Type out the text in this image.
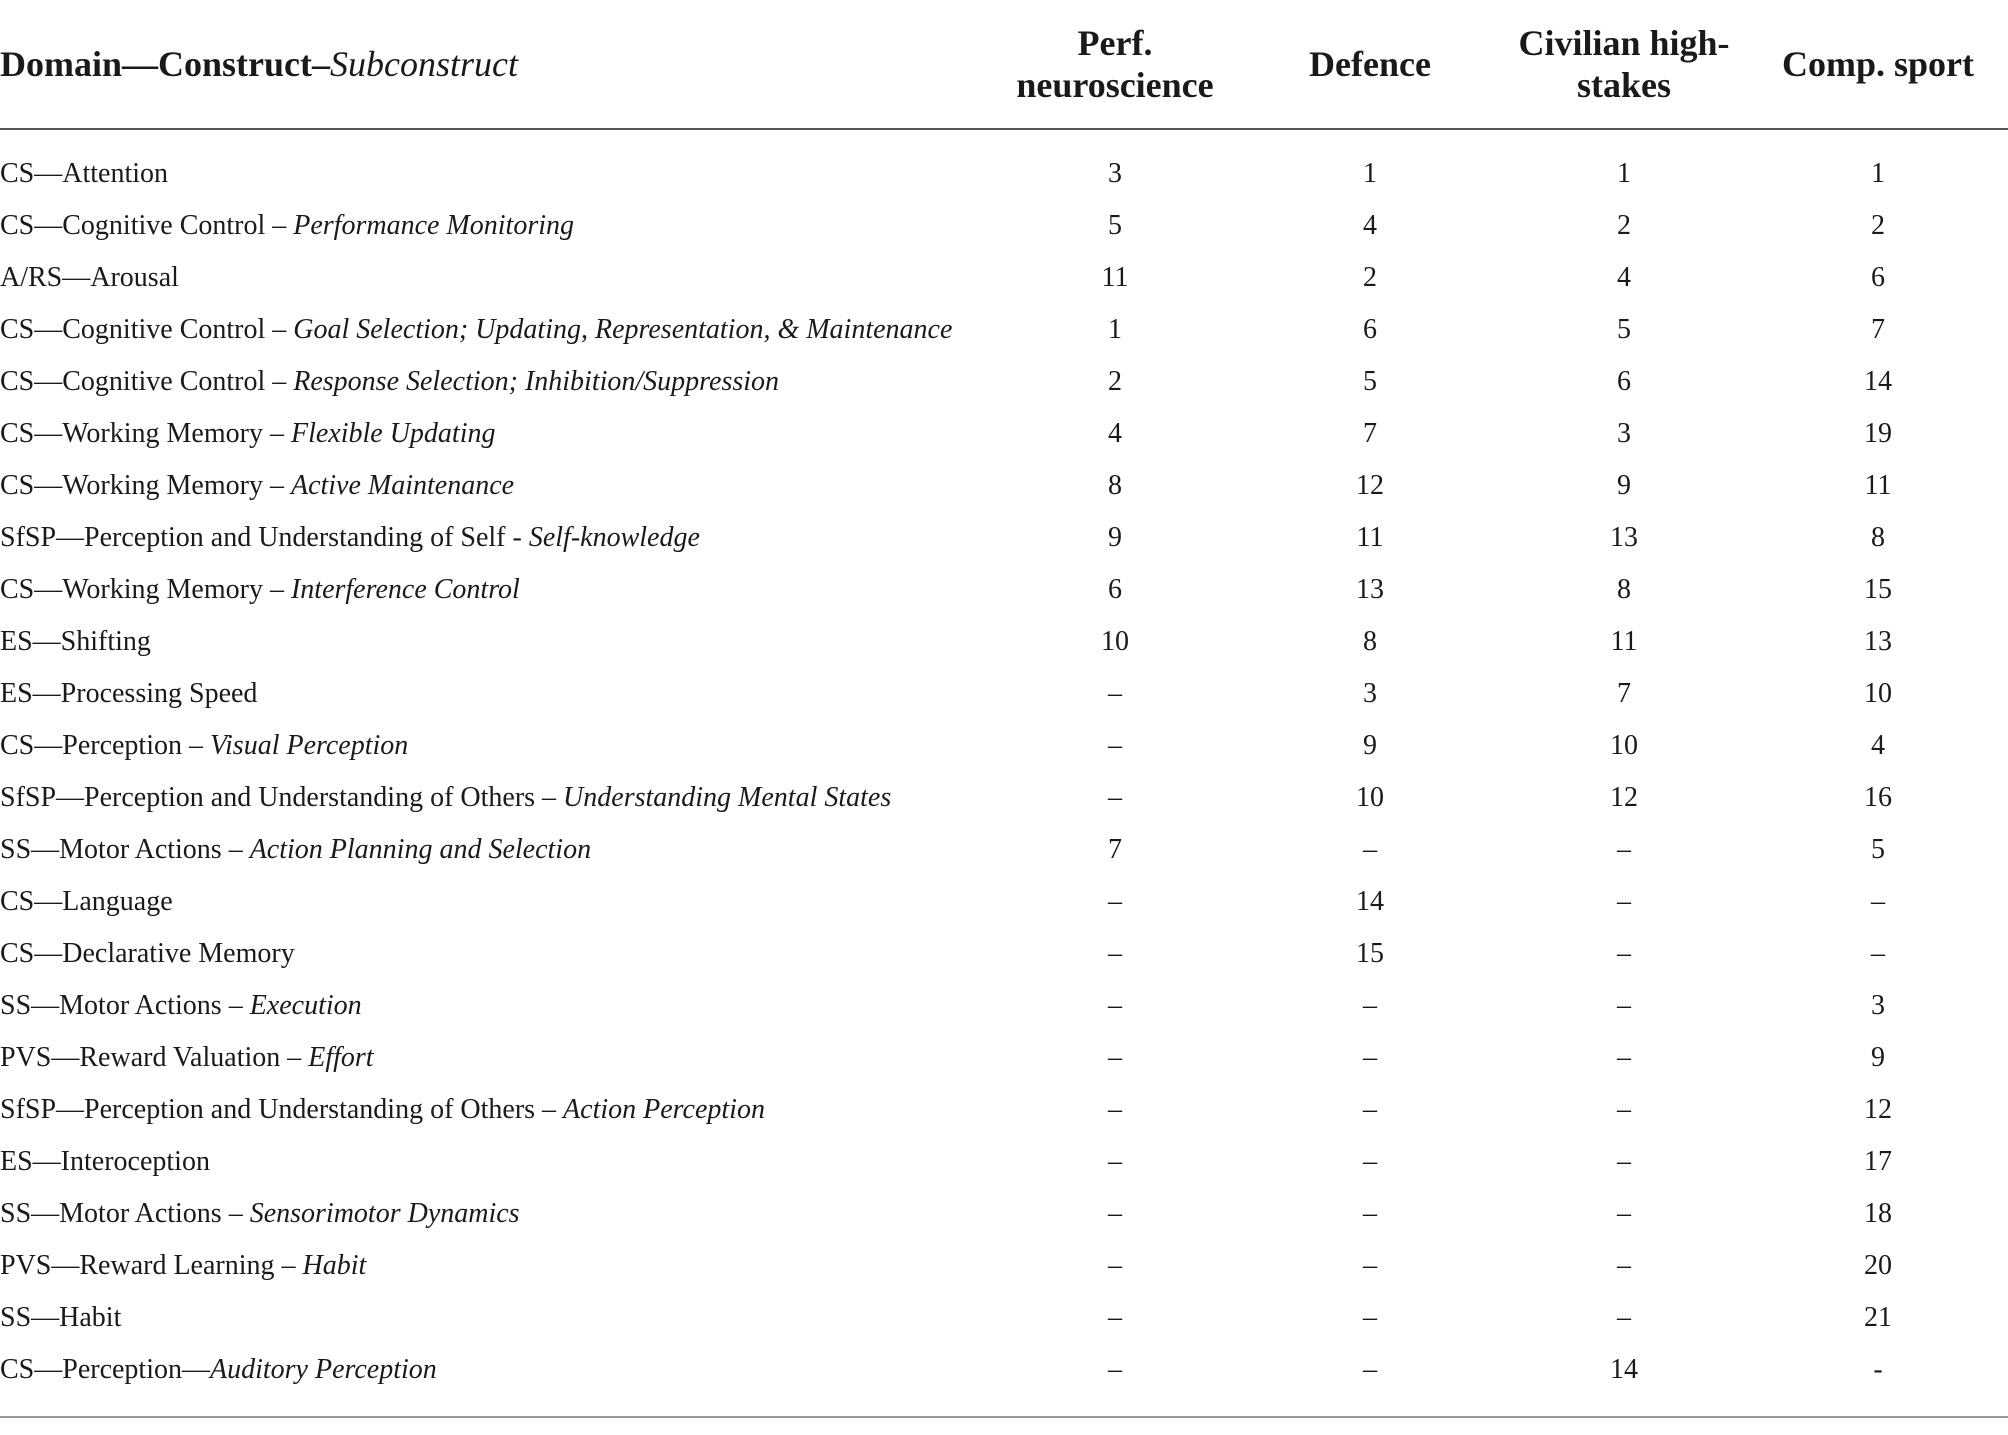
Domain—Construct–Subconstruct	Perf. neuroscience	Defence	Civilian high-stakes	Comp. sport
CS—Attention	3	1	1	1
CS—Cognitive Control – Performance Monitoring	5	4	2	2
A/RS—Arousal	11	2	4	6
CS—Cognitive Control – Goal Selection; Updating, Representation, & Maintenance	1	6	5	7
CS—Cognitive Control – Response Selection; Inhibition/Suppression	2	5	6	14
CS—Working Memory – Flexible Updating	4	7	3	19
CS—Working Memory – Active Maintenance	8	12	9	11
SfSP—Perception and Understanding of Self - Self-knowledge	9	11	13	8
CS—Working Memory – Interference Control	6	13	8	15
ES—Shifting	10	8	11	13
ES—Processing Speed	–	3	7	10
CS—Perception – Visual Perception	–	9	10	4
SfSP—Perception and Understanding of Others – Understanding Mental States	–	10	12	16
SS—Motor Actions – Action Planning and Selection	7	–	–	5
CS—Language	–	14	–	–
CS—Declarative Memory	–	15	–	–
SS—Motor Actions – Execution	–	–	–	3
PVS—Reward Valuation – Effort	–	–	–	9
SfSP—Perception and Understanding of Others – Action Perception	–	–	–	12
ES—Interoception	–	–	–	17
SS—Motor Actions – Sensorimotor Dynamics	–	–	–	18
PVS—Reward Learning – Habit	–	–	–	20
SS—Habit	–	–	–	21
CS—Perception—Auditory Perception	–	–	14	-
